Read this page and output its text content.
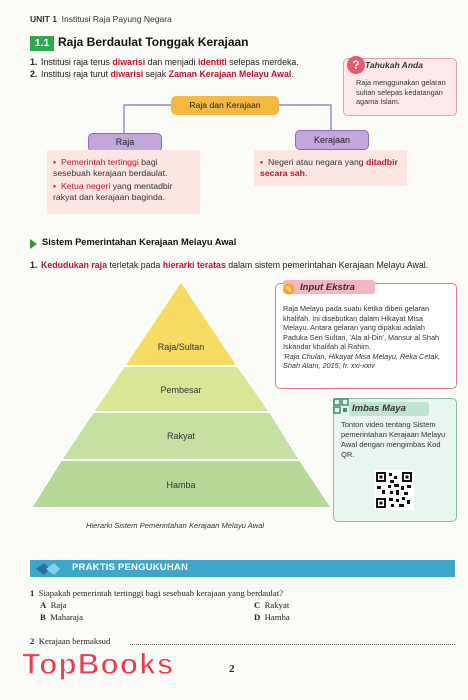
UNIT 1 Institusi Raja Payung Negara
1.1 Raja Berdaulat Tonggak Kerajaan
1. Institusi raja terus diwarisi dan menjadi identiti selepas merdeka.
2. Institusi raja turut diwarisi sejak Zaman Kerajaan Melayu Awal.
? Tahukah Anda
Raja menggunakan gelaran sultan selepas kedatangan agama Islam.
Raja dan Kerajaan
Raja	Kerajaan
• Pemerintah tertinggi bagi sesebuah kerajaan berdaulat.
• Ketua negeri yang mentadbir rakyat dan kerajaan baginda.
• Negeri atau negara yang ditadbir secara sah.
Sistem Pemerintahan Kerajaan Melayu Awal
1. Kedudukan raja terletak pada hierarki teratas dalam sistem pemerintahan Kerajaan Melayu Awal.
Raja/Sultan
Pembesar
Rakyat
Hamba
Hierarki Sistem Pemerintahan Kerajaan Melayu Awal
✎ Input Ekstra
Raja Melayu pada suatu ketika diberi gelaran khalifah. Ini disebutkan dalam Hikayat Misa Melayu. Antara gelaran yang dipakai adalah Paduka Seri Sultan, 'Ala al-Din', Mansur al Shah Iskandar khalifah al Rahim.
'Raja Chulan, Hikayat Misa Melayu, Reka Cetak, Shah Alam, 2015, h. xxi-xxiv
Imbas Maya
Tonton video tentang Sistem pemerintahan Kerajaan Melayu Awal dengan mengimbas Kod QR.
PRAKTIS PENGUKUHAN
1 Siapakah pemerintah tertinggi bagi sesebuah kerajaan yang berdaulat?
A Raja
B Maharaja
C Rakyat
D Hamba
2 Kerajaan bermaksud
2
TopBooks
